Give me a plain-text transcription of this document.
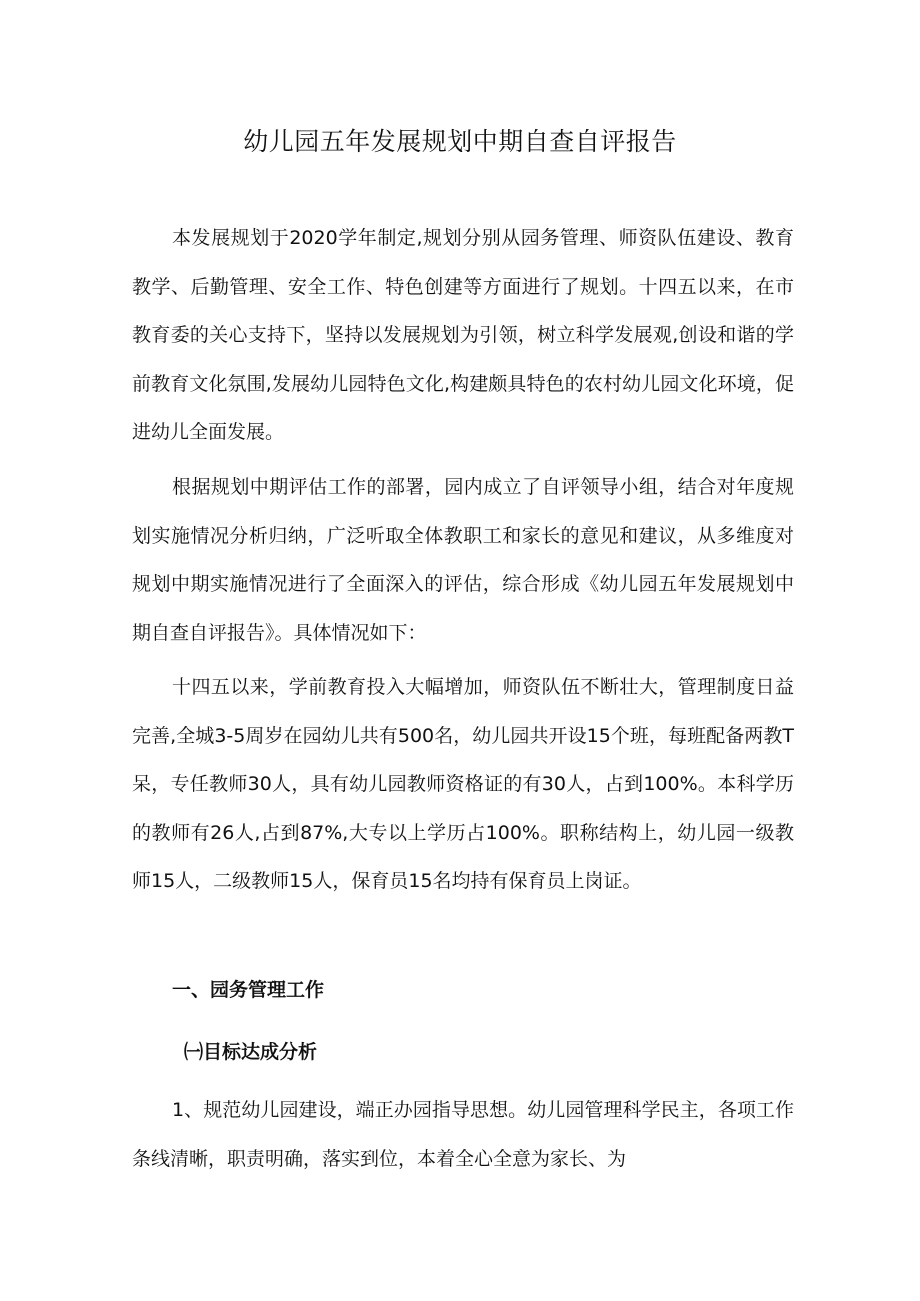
幼儿园五年发展规划中期自查自评报告

本发展规划于2020学年制定,规划分别从园务管理、师资队伍建设、教育教学、后勤管理、安全工作、特色创建等方面进行了规划。十四五以来，在市教育委的关心支持下，坚持以发展规划为引领，树立科学发展观,创设和谐的学前教育文化氛围,发展幼儿园特色文化,构建颇具特色的农村幼儿园文化环境，促进幼儿全面发展。

根据规划中期评估工作的部署，园内成立了自评领导小组，结合对年度规划实施情况分析归纳，广泛听取全体教职工和家长的意见和建议，从多维度对规划中期实施情况进行了全面深入的评估，综合形成《幼儿园五年发展规划中期自查自评报告》。具体情况如下：

十四五以来，学前教育投入大幅增加，师资队伍不断壮大，管理制度日益完善,全城3-5周岁在园幼儿共有500名，幼儿园共开设15个班，每班配备两教T呆，专任教师30人，具有幼儿园教师资格证的有30人，占到100%。本科学历的教师有26人,占到87%,大专以上学历占100%。职称结构上，幼儿园一级教师15人，二级教师15人，保育员15名均持有保育员上岗证。

一、园务管理工作
㈠目标达成分析

1、规范幼儿园建设，端正办园指导思想。幼儿园管理科学民主，各项工作条线清晰，职责明确，落实到位，本着全心全意为家长、为
